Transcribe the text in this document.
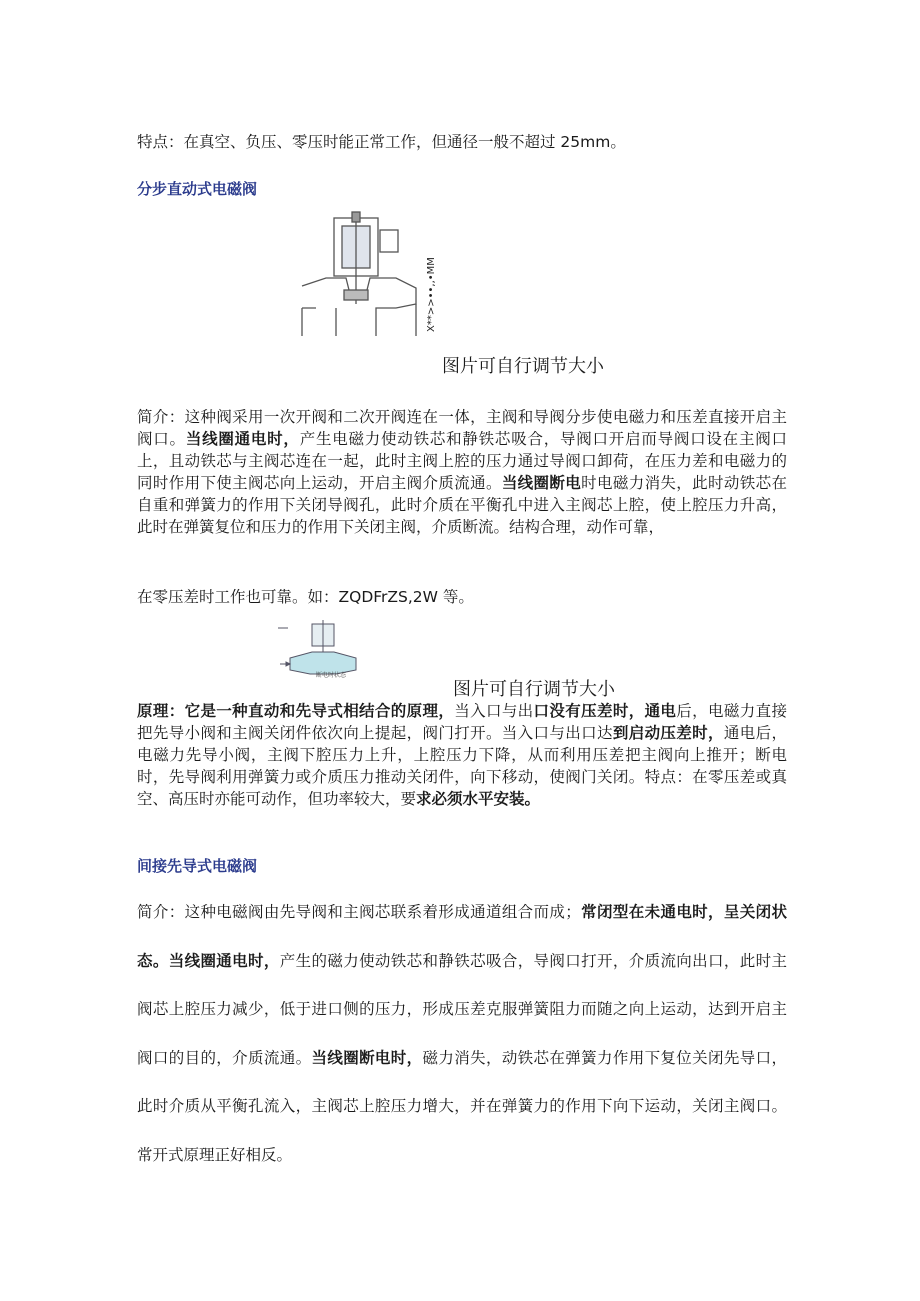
特点：在真空、负压、零压时能正常工作，但通径一般不超过 25mm。
分步直动式电磁阀
X**>>••,,•MM
图片可自行调节大小
简介：这种阀采用一次开阀和二次开阀连在一体，主阀和导阀分步使电磁力和压差直接开启主阀口。当线圈通电时，产生电磁力使动铁芯和静铁芯吸合，导阀口开启而导阀口设在主阀口上，且动铁芯与主阀芯连在一起，此时主阀上腔的压力通过导阀口卸荷，在压力差和电磁力的同时作用下使主阀芯向上运动，开启主阀介质流通。当线圈断电时电磁力消失，此时动铁芯在自重和弹簧力的作用下关闭导阀孔，此时介质在平衡孔中进入主阀芯上腔，使上腔压力升高，此时在弹簧复位和压力的作用下关闭主阀，介质断流。结构合理，动作可靠，
在零压差时工作也可靠。如：ZQDFrZS,2W 等。
断电时状态
图片可自行调节大小
原理：它是一种直动和先导式相结合的原理，当入口与出口没有压差时，通电后，电磁力直接把先导小阀和主阀关闭件依次向上提起，阀门打开。当入口与出口达到启动压差时，通电后，电磁力先导小阀，主阀下腔压力上升，上腔压力下降，从而利用压差把主阀向上推开；断电时，先导阀利用弹簧力或介质压力推动关闭件，向下移动，使阀门关闭。特点：在零压差或真空、高压时亦能可动作，但功率较大，要求必须水平安装。
间接先导式电磁阀
简介：这种电磁阀由先导阀和主阀芯联系着形成通道组合而成；常闭型在未通电时，呈关闭状态。当线圈通电时，产生的磁力使动铁芯和静铁芯吸合，导阀口打开，介质流向出口，此时主阀芯上腔压力减少，低于进口侧的压力，形成压差克服弹簧阻力而随之向上运动，达到开启主阀口的目的，介质流通。当线圈断电时，磁力消失，动铁芯在弹簧力作用下复位关闭先导口，此时介质从平衡孔流入，主阀芯上腔压力增大，并在弹簧力的作用下向下运动，关闭主阀口。常开式原理正好相反。
